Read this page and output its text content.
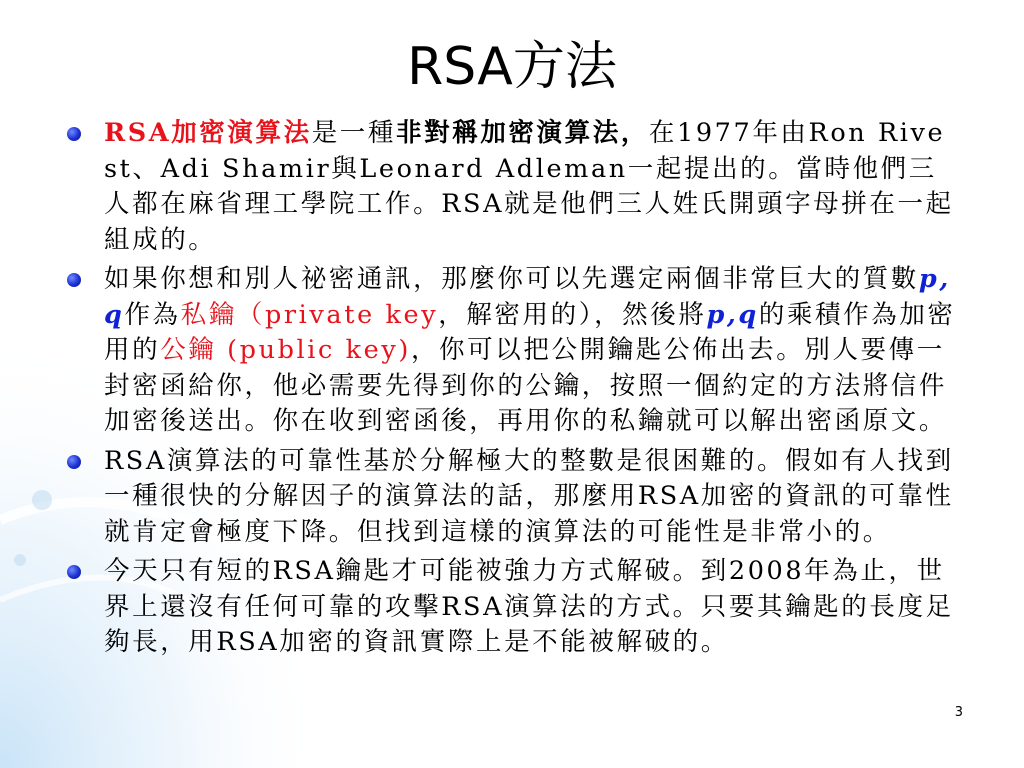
RSA方法
RSA加密演算法是一種非對稱加密演算法，在1977年由Ron Rivest、Adi Shamir與Leonard Adleman一起提出的。當時他們三人都在麻省理工學院工作。RSA就是他們三人姓氏開頭字母拼在一起組成的。
如果你想和別人祕密通訊，那麼你可以先選定兩個非常巨大的質數p,q作為私鑰（private key，解密用的），然後將p,q的乘積作為加密用的公鑰 (public key)，你可以把公開鑰匙公佈出去。別人要傳一封密函給你，他必需要先得到你的公鑰，按照一個約定的方法將信件加密後送出。你在收到密函後，再用你的私鑰就可以解出密函原文。
RSA演算法的可靠性基於分解極大的整數是很困難的。假如有人找到一種很快的分解因子的演算法的話，那麼用RSA加密的資訊的可靠性就肯定會極度下降。但找到這樣的演算法的可能性是非常小的。
今天只有短的RSA鑰匙才可能被強力方式解破。到2008年為止，世界上還沒有任何可靠的攻擊RSA演算法的方式。只要其鑰匙的長度足夠長，用RSA加密的資訊實際上是不能被解破的。
3
